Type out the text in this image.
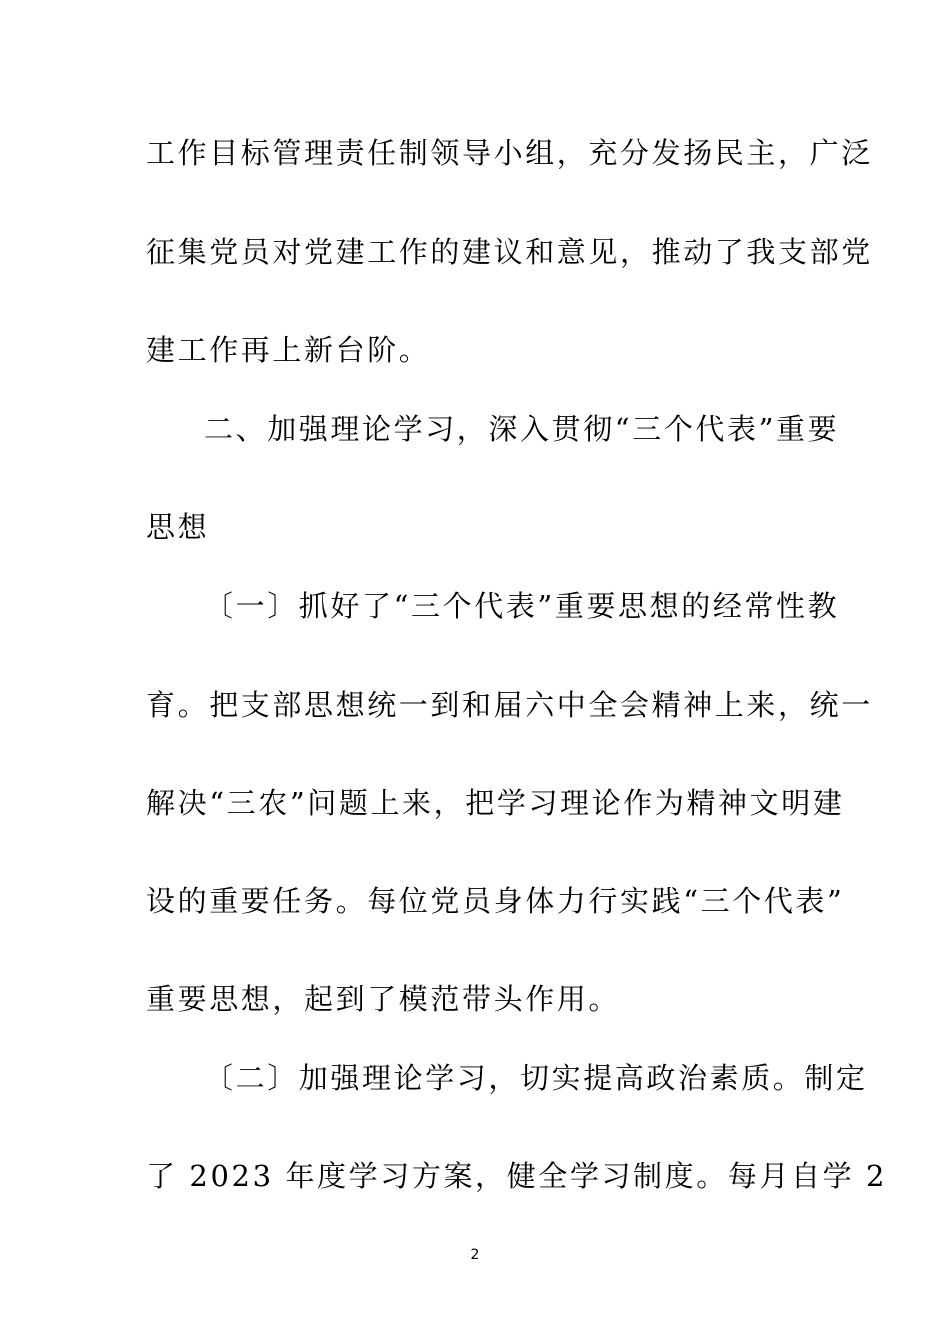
工作目标管理责任制领导小组，充分发扬民主，广泛
征集党员对党建工作的建议和意见，推动了我支部党
建工作再上新台阶。
二、加强理论学习，深入贯彻“三个代表”重要
思想
〔一〕抓好了“三个代表”重要思想的经常性教
育。把支部思想统一到和届六中全会精神上来，统一
解决“三农”问题上来，把学习理论作为精神文明建
设的重要任务。每位党员身体力行实践“三个代表”
重要思想，起到了模范带头作用。
〔二〕加强理论学习，切实提高政治素质。制定
了 2023 年度学习方案，健全学习制度。每月自学 2
2
